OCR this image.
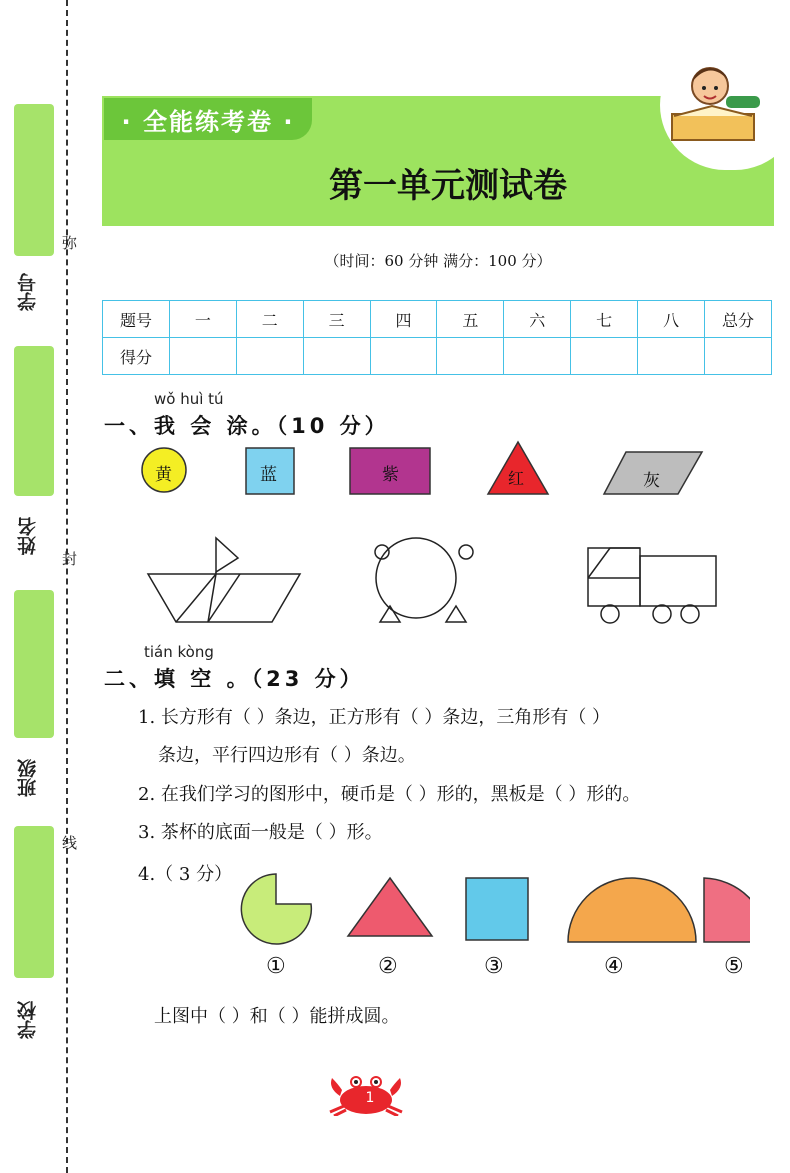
学号
姓名
班级
学校
弥
封
线
· 全能练考卷 ·
第一单元测试卷
（时间：60 分钟 满分：100 分）
题号	一	二	三	四	五	六	七	八	总分
得分									
wǒ huì tú
一、我 会 涂。（10 分）
黄	蓝	紫	红	灰
tián kòng
二、填 空 。（23 分）
1. 长方形有（ ）条边，正方形有（ ）条边，三角形有（ ）
条边，平行四边形有（ ）条边。
2. 在我们学习的图形中，硬币是（ ）形的，黑板是（ ）形的。
3. 茶杯的底面一般是（ ）形。
4.（ 3 分）
①	②	③	④	⑤
上图中（ ）和（ ）能拼成圆。
1
